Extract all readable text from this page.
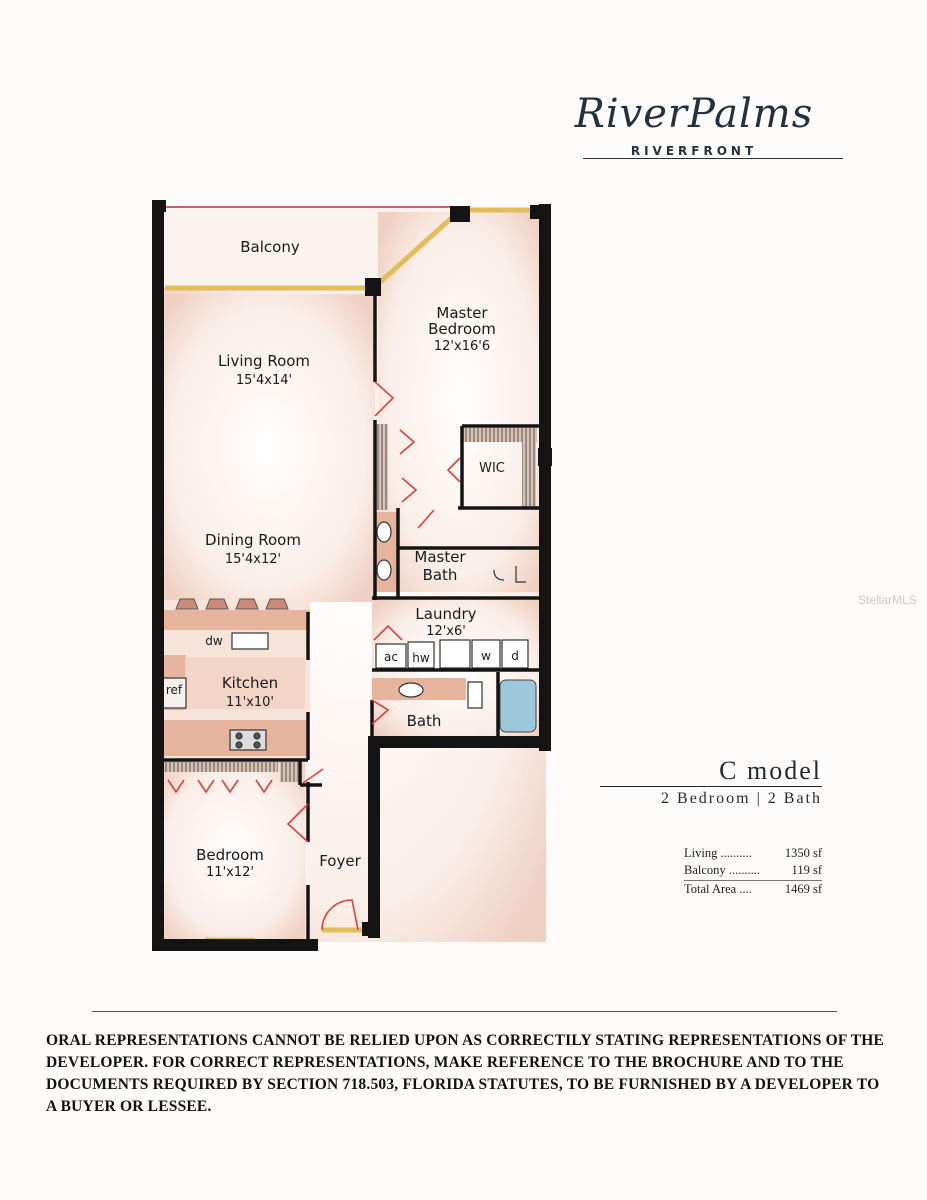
RiverPalms
RIVERFRONT
Balcony
Master
Bedroom
12'x16'6
Living Room
15'4x14'
WIC
Dining Room
15'4x12'	Master
Bath
Laundry
12'x6'
dw
ac hw	w d
ref	Kitchen
11'x10'
Bath
Bedroom
11'x12'
Foyer
C model
2 Bedroom | 2 Bath
Living ..........	1350 sf
Balcony ..........	119 sf
Total Area ....	1469 sf
StellarMLS
ORAL REPRESENTATIONS CANNOT BE RELIED UPON AS CORRECTILY STATING REPRESENTATIONS OF THE DEVELOPER. FOR CORRECT REPRESENTATIONS, MAKE REFERENCE TO THE BROCHURE AND TO THE DOCUMENTS REQUIRED BY SECTION 718.503, FLORIDA STATUTES, TO BE FURNISHED BY A DEVELOPER TO A BUYER OR LESSEE.
